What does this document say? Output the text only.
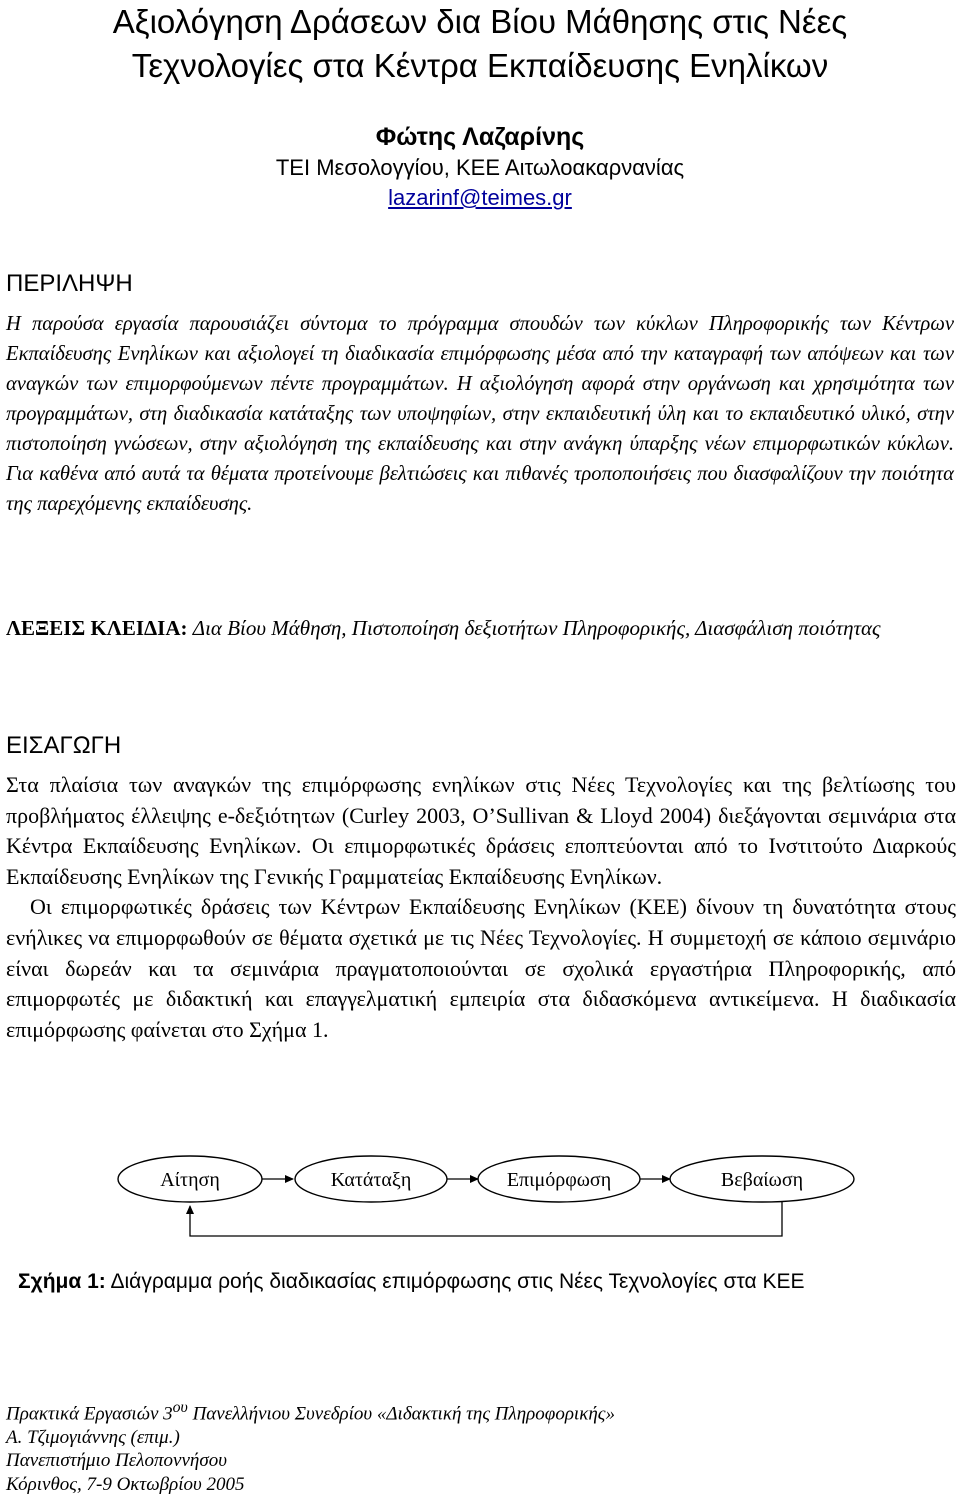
Αξιολόγηση Δράσεων δια Βίου Μάθησης στις Νέες
Τεχνολογίες στα Κέντρα Εκπαίδευσης Ενηλίκων
Φώτης Λαζαρίνης
ΤΕΙ Μεσολογγίου, ΚΕΕ Αιτωλοακαρνανίας
lazarinf@teimes.gr
ΠΕΡΙΛΗΨΗ

Η παρούσα εργασία παρουσιάζει σύντομα το πρόγραμμα σπουδών των κύκλων Πληροφορικής των Κέντρων Εκπαίδευσης Ενηλίκων και αξιολογεί τη διαδικασία επιμόρφωσης μέσα από την καταγραφή των απόψεων και των αναγκών των επιμορφούμενων πέντε προγραμμάτων. Η αξιολόγηση αφορά στην οργάνωση και χρησιμότητα των προγραμμάτων, στη διαδικασία κατάταξης των υποψηφίων, στην εκπαιδευτική ύλη και το εκπαιδευτικό υλικό, στην πιστοποίηση γνώσεων, στην αξιολόγηση της εκπαίδευσης και στην ανάγκη ύπαρξης νέων επιμορφωτικών κύκλων. Για καθένα από αυτά τα θέματα προτείνουμε βελτιώσεις και πιθανές τροποποιήσεις που διασφαλίζουν την ποιότητα της παρεχόμενης εκπαίδευσης.

ΛΕΞΕΙΣ ΚΛΕΙΔΙΑ: Δια Βίου Μάθηση, Πιστοποίηση δεξιοτήτων Πληροφορικής, Διασφάλιση ποιότητας

ΕΙΣΑΓΩΓΗ

Στα πλαίσια των αναγκών της επιμόρφωσης ενηλίκων στις Νέες Τεχνολογίες και της βελτίωσης του προβλήματος έλλειψης e-δεξιότητων (Curley 2003, O’Sullivan & Lloyd 2004) διεξάγονται σεμινάρια στα Κέντρα Εκπαίδευσης Ενηλίκων. Οι επιμορφωτικές δράσεις εποπτεύονται από το Ινστιτούτο Διαρκούς Εκπαίδευσης Ενηλίκων της Γενικής Γραμματείας Εκπαίδευσης Ενηλίκων.

Οι επιμορφωτικές δράσεις των Κέντρων Εκπαίδευσης Ενηλίκων (ΚΕΕ) δίνουν τη δυνατότητα στους ενήλικες να επιμορφωθούν σε θέματα σχετικά με τις Νέες Τεχνολογίες. Η συμμετοχή σε κάποιο σεμινάριο είναι δωρεάν και τα σεμινάρια πραγματοποιούνται σε σχολικά εργαστήρια Πληροφορικής, από επιμορφωτές με διδακτική και επαγγελματική εμπειρία στα διδασκόμενα αντικείμενα. Η διαδικασία επιμόρφωσης φαίνεται στο Σχήμα 1.

Αίτηση	Κατάταξη	Επιμόρφωση	Βεβαίωση

Σχήμα 1: Διάγραμμα ροής διαδικασίας επιμόρφωσης στις Νέες Τεχνολογίες στα ΚΕΕ

Πρακτικά Εργασιών $3^{o\upsilon}$ Πανελλήνιου Συνεδρίου «Διδακτική της Πληροφορικής»
Α. Τζιμογιάννης (επιμ.)
Πανεπιστήμιο Πελοποννήσου
Κόρινθος, 7-9 Οκτωβρίου 2005
